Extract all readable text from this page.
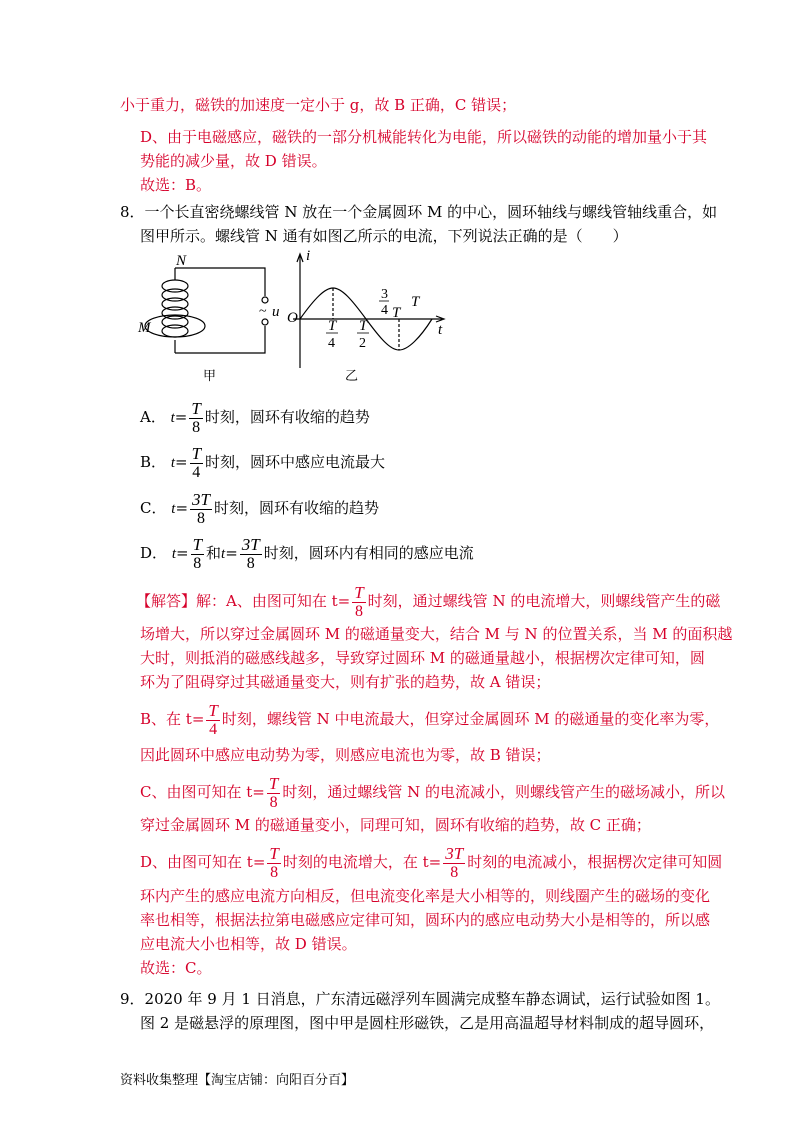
小于重力，磁铁的加速度一定小于 g，故 B 正确，C 错误；
D、由于电磁感应，磁铁的一部分机械能转化为电能，所以磁铁的动能的增加量小于其
势能的减少量，故 D 错误。
故选：B。
8．一个长直密绕螺线管 N 放在一个金属圆环 M 的中心，圆环轴线与螺线管轴线重合，如
图甲所示。螺线管 N 通有如图乙所示的电流，下列说法正确的是（　　）
N
M
u
i
t
O T T
T
T
~
4 2
3
4
甲	乙
A． $t= \frac{T}{8}$ 时刻，圆环有收缩的趋势
B． $t= \frac{T}{4}$ 时刻，圆环中感应电流最大
C． $t= \frac{3T}{8}$ 时刻，圆环有收缩的趋势
D． $t= \frac{T}{8}$ 和$t= \frac{3T}{8}$ 时刻，圆环内有相同的感应电流
【解答】解：A、由图可知在 $t= \frac{T}{8}$ 时刻，通过螺线管 N 的电流增大，则螺线管产生的磁
场增大，所以穿过金属圆环 M 的磁通量变大，结合 M 与 N 的位置关系，当 M 的面积越
大时，则抵消的磁感线越多，导致穿过圆环 M 的磁通量越小，根据楞次定律可知，圆
环为了阻碍穿过其磁通量变大，则有扩张的趋势，故 A 错误；
B、在 $t= \frac{T}{4}$ 时刻，螺线管 N 中电流最大，但穿过金属圆环 M 的磁通量的变化率为零，
因此圆环中感应电动势为零，则感应电流也为零，故 B 错误；
C、由图可知在 $t= \frac{T}{8}$ 时刻，通过螺线管 N 的电流减小，则螺线管产生的磁场减小，所以
穿过金属圆环 M 的磁通量变小，同理可知，圆环有收缩的趋势，故 C 正确；
D、由图可知在 $t= \frac{T}{8}$ 时刻的电流增大，在 $t= \frac{3T}{8}$ 时刻的电流减小，根据楞次定律可知圆
环内产生的感应电流方向相反，但电流变化率是大小相等的，则线圈产生的磁场的变化
率也相等，根据法拉第电磁感应定律可知，圆环内的感应电动势大小是相等的，所以感
应电流大小也相等，故 D 错误。
故选：C。
9．2020 年 9 月 1 日消息，广东清远磁浮列车圆满完成整车静态调试，运行试验如图 1。
图 2 是磁悬浮的原理图，图中甲是圆柱形磁铁，乙是用高温超导材料制成的超导圆环，
资料收集整理【淘宝店铺：向阳百分百】
